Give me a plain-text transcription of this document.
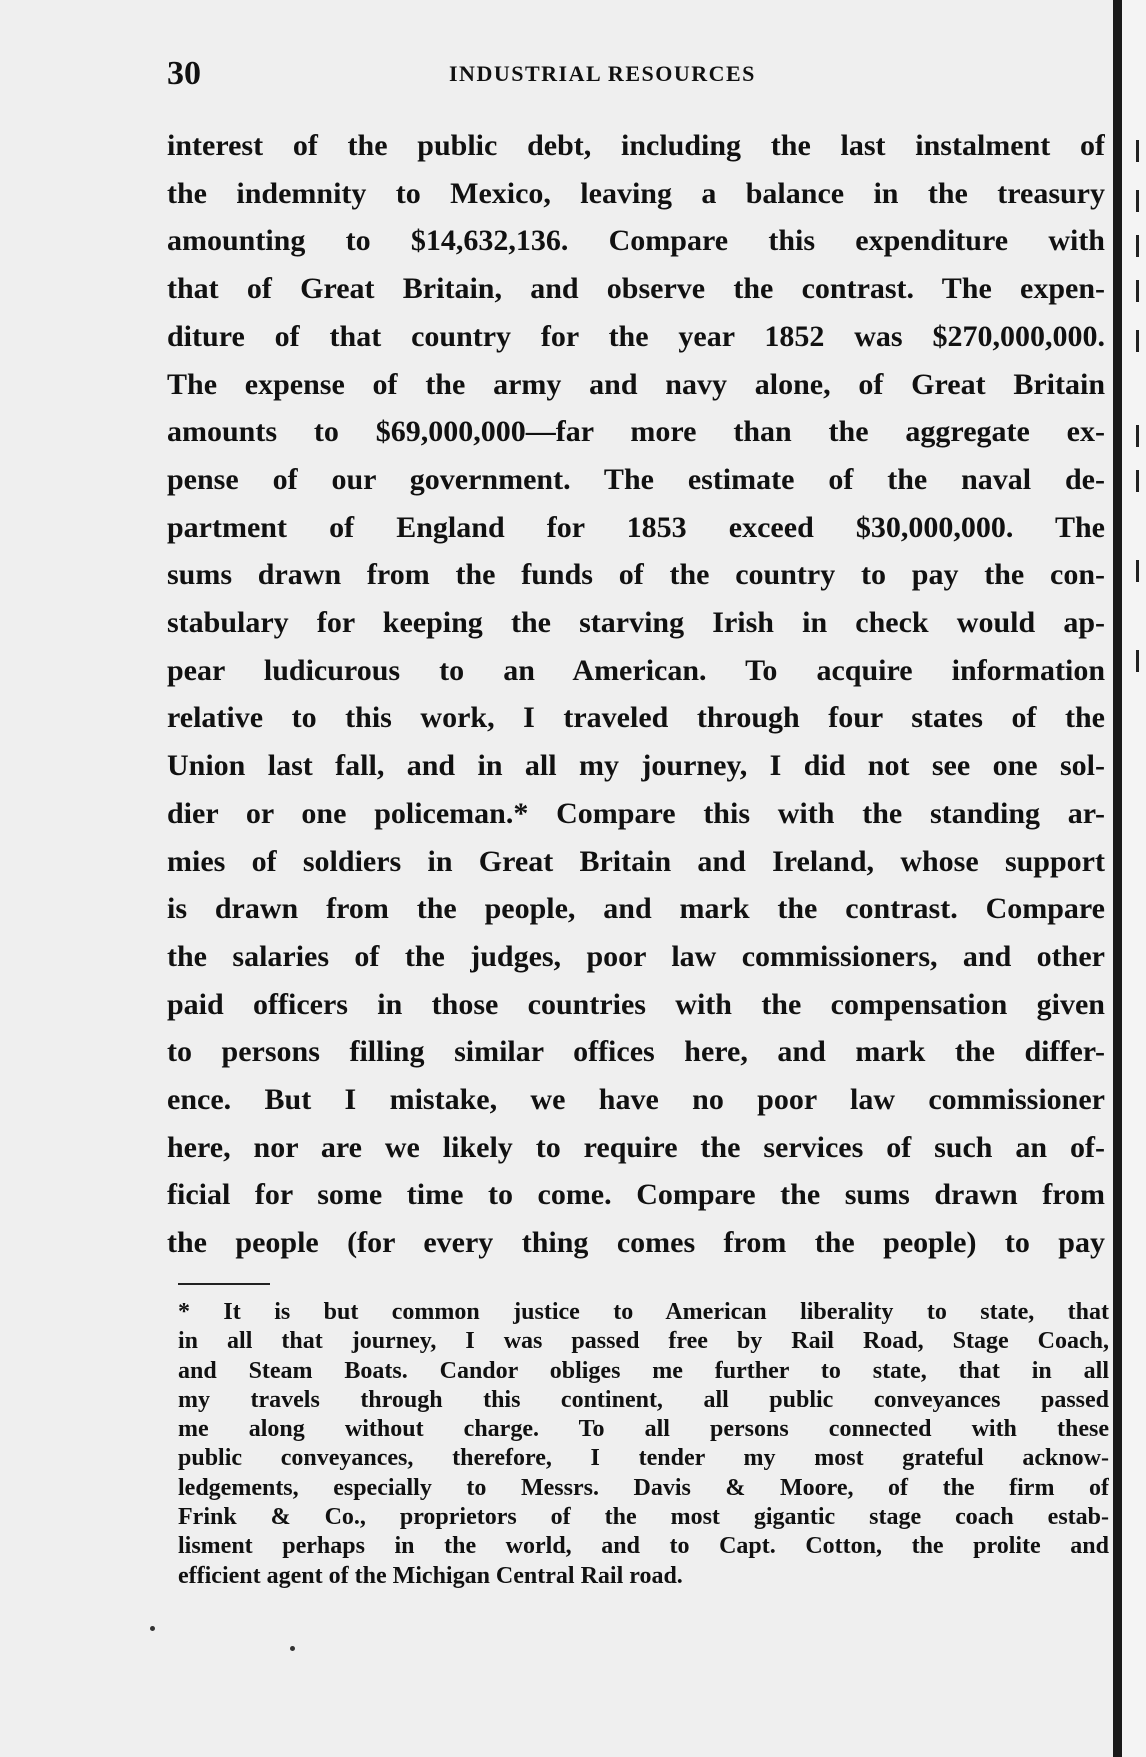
30	INDUSTRIAL RESOURCES
interest of the public debt, including the last instalment of
the indemnity to Mexico, leaving a balance in the treasury
amounting to $14,632,136. Compare this expenditure with
that of Great Britain, and observe the contrast. The expen-
diture of that country for the year 1852 was $270,000,000.
The expense of the army and navy alone, of Great Britain
amounts to $69,000,000—far more than the aggregate ex-
pense of our government. The estimate of the naval de-
partment of England for 1853 exceed $30,000,000. The
sums drawn from the funds of the country to pay the con-
stabulary for keeping the starving Irish in check would ap-
pear ludicurous to an American. To acquire information
relative to this work, I traveled through four states of the
Union last fall, and in all my journey, I did not see one sol-
dier or one policeman.* Compare this with the standing ar-
mies of soldiers in Great Britain and Ireland, whose support
is drawn from the people, and mark the contrast. Compare
the salaries of the judges, poor law commissioners, and other
paid officers in those countries with the compensation given
to persons filling similar offices here, and mark the differ-
ence. But I mistake, we have no poor law commissioner
here, nor are we likely to require the services of such an of-
ficial for some time to come. Compare the sums drawn from
the people (for every thing comes from the people) to pay
* It is but common justice to American liberality to state, that
in all that journey, I was passed free by Rail Road, Stage Coach,
and Steam Boats. Candor obliges me further to state, that in all
my travels through this continent, all public conveyances passed
me along without charge. To all persons connected with these
public conveyances, therefore, I tender my most grateful acknow-
ledgements, especially to Messrs. Davis & Moore, of the firm of
Frink & Co., proprietors of the most gigantic stage coach estab-
lisment perhaps in the world, and to Capt. Cotton, the prolite and
efficient agent of the Michigan Central Rail road.
